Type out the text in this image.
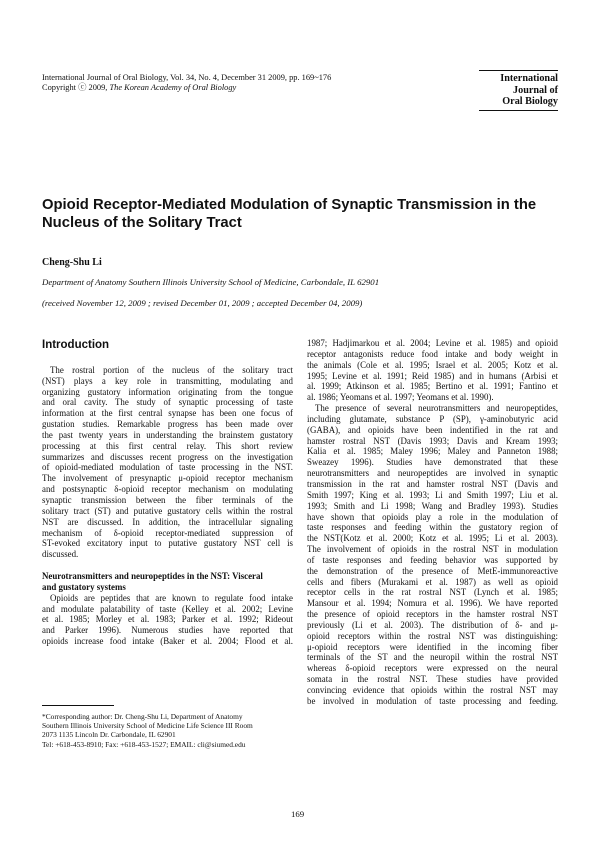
International Journal of Oral Biology, Vol. 34, No. 4, December 31 2009, pp. 169~176
Copyright ⓒ 2009, The Korean Academy of Oral Biology
International
Journal of
Oral Biology
Opioid Receptor-Mediated Modulation of Synaptic Transmission in the
Nucleus of the Solitary Tract
Cheng-Shu Li
Department of Anatomy Southern Illinois University School of Medicine, Carbondale, IL 62901
(received November 12, 2009 ; revised December 01, 2009 ; accepted December 04, 2009)
Introduction
The rostral portion of the nucleus of the solitary tract
(NST) plays a key role in transmitting, modulating and
organizing gustatory information originating from the tongue
and oral cavity. The study of synaptic processing of taste
information at the first central synapse has been one focus of
gustation studies. Remarkable progress has been made over
the past twenty years in understanding the brainstem gustatory
processing at this first central relay. This short review
summarizes and discusses recent progress on the investigation
of opioid-mediated modulation of taste processing in the NST.
The involvement of presynaptic μ-opioid receptor mechanism
and postsynaptic δ-opioid receptor mechanism on modulating
synaptic transmission between the fiber terminals of the
solitary tract (ST) and putative gustatory cells within the rostral
NST are discussed. In addition, the intracellular signaling
mechanism of δ-opioid receptor-mediated suppression of
ST-evoked excitatory input to putative gustatory NST cell is
discussed.
Neurotransmitters and neuropeptides in the NST: Visceral
and gustatory systems
Opioids are peptides that are known to regulate food intake
and modulate palatability of taste (Kelley et al. 2002; Levine
et al. 1985; Morley et al. 1983; Parker et al. 1992; Rideout
and Parker 1996). Numerous studies have reported that
opioids increase food intake (Baker et al. 2004; Flood et al.
1987; Hadjimarkou et al. 2004; Levine et al. 1985) and opioid
receptor antagonists reduce food intake and body weight in
the animals (Cole et al. 1995; Israel et al. 2005; Kotz et al.
1995; Levine et al. 1991; Reid 1985) and in humans (Arbisi et
al. 1999; Atkinson et al. 1985; Bertino et al. 1991; Fantino et
al. 1986; Yeomans et al. 1997; Yeomans et al. 1990).
The presence of several neurotransmitters and neuropeptides,
including glutamate, substance P (SP), γ-aminobutyric acid
(GABA), and opioids have been indentified in the rat and
hamster rostral NST (Davis 1993; Davis and Kream 1993;
Kalia et al. 1985; Maley 1996; Maley and Panneton 1988;
Sweazey 1996). Studies have demonstrated that these
neurotransmitters and neuropeptides are involved in synaptic
transmission in the rat and hamster rostral NST (Davis and
Smith 1997; King et al. 1993; Li and Smith 1997; Liu et al.
1993; Smith and Li 1998; Wang and Bradley 1993). Studies
have shown that opioids play a role in the modulation of
taste responses and feeding within the gustatory region of
the NST(Kotz et al. 2000; Kotz et al. 1995; Li et al. 2003).
The involvement of opioids in the rostral NST in modulation
of taste responses and feeding behavior was supported by
the demonstration of the presence of MetE-immunoreactive
cells and fibers (Murakami et al. 1987) as well as opioid
receptor cells in the rat rostral NST (Lynch et al. 1985;
Mansour et al. 1994; Nomura et al. 1996). We have reported
the presence of opioid receptors in the hamster rostral NST
previously (Li et al. 2003). The distribution of δ- and μ-
opioid receptors within the rostral NST was distinguishing:
μ-opioid receptors were identified in the incoming fiber
terminals of the ST and the neuropil within the rostral NST
whereas δ-opioid receptors were expressed on the neural
somata in the rostral NST. These studies have provided
convincing evidence that opioids within the rostral NST may
be involved in modulation of taste processing and feeding.
*Corresponding author: Dr. Cheng-Shu Li, Department of Anatomy
Southern Illinois University School of Medicine Life Science III Room
2073 1135 Lincoln Dr. Carbondale, IL 62901
Tel: +618-453-8910; Fax: +618-453-1527; EMAIL: cli@siumed.edu
169
